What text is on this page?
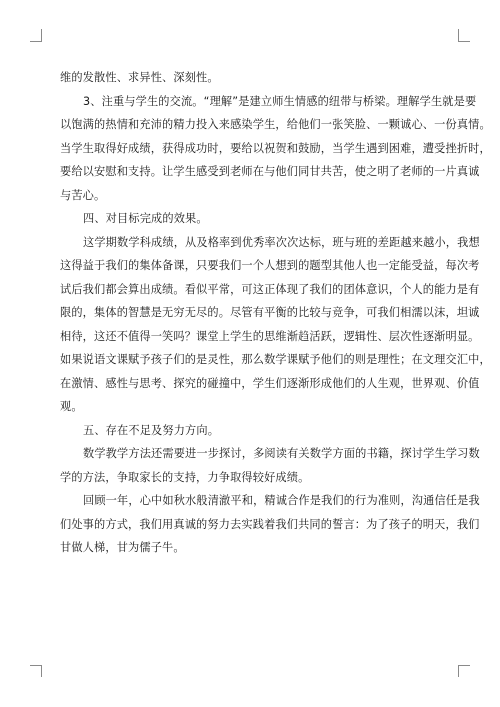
维的发散性、求异性、深刻性。
3、注重与学生的交流。“理解”是建立师生情感的纽带与桥梁。理解学生就是要
以饱满的热情和充沛的精力投入来感染学生，给他们一张笑脸、一颗诚心、一份真情。
当学生取得好成绩，获得成功时，要给以祝贺和鼓励，当学生遇到困难，遭受挫折时，
要给以安慰和支持。让学生感受到老师在与他们同甘共苦，使之明了老师的一片真诚
与苦心。
四、对目标完成的效果。
这学期数学科成绩，从及格率到优秀率次次达标，班与班的差距越来越小，我想
这得益于我们的集体备课，只要我们一个人想到的题型其他人也一定能受益，每次考
试后我们都会算出成绩。看似平常，可这正体现了我们的团体意识，个人的能力是有
限的，集体的智慧是无穷无尽的。尽管有平衡的比较与竞争，可我们相濡以沫，坦诚
相待，这还不值得一笑吗？课堂上学生的思维渐趋活跃，逻辑性、层次性逐渐明显。
如果说语文课赋予孩子们的是灵性，那么数学课赋予他们的则是理性；在文理交汇中，
在激情、感性与思考、探究的碰撞中，学生们逐渐形成他们的人生观，世界观、价值
观。
五、存在不足及努力方向。
数学教学方法还需要进一步探讨，多阅读有关数学方面的书籍，探讨学生学习数
学的方法，争取家长的支持，力争取得较好成绩。
回顾一年，心中如秋水般清澈平和，精诚合作是我们的行为准则，沟通信任是我
们处事的方式，我们用真诚的努力去实践着我们共同的誓言：为了孩子的明天，我们
甘做人梯，甘为儒子牛。
